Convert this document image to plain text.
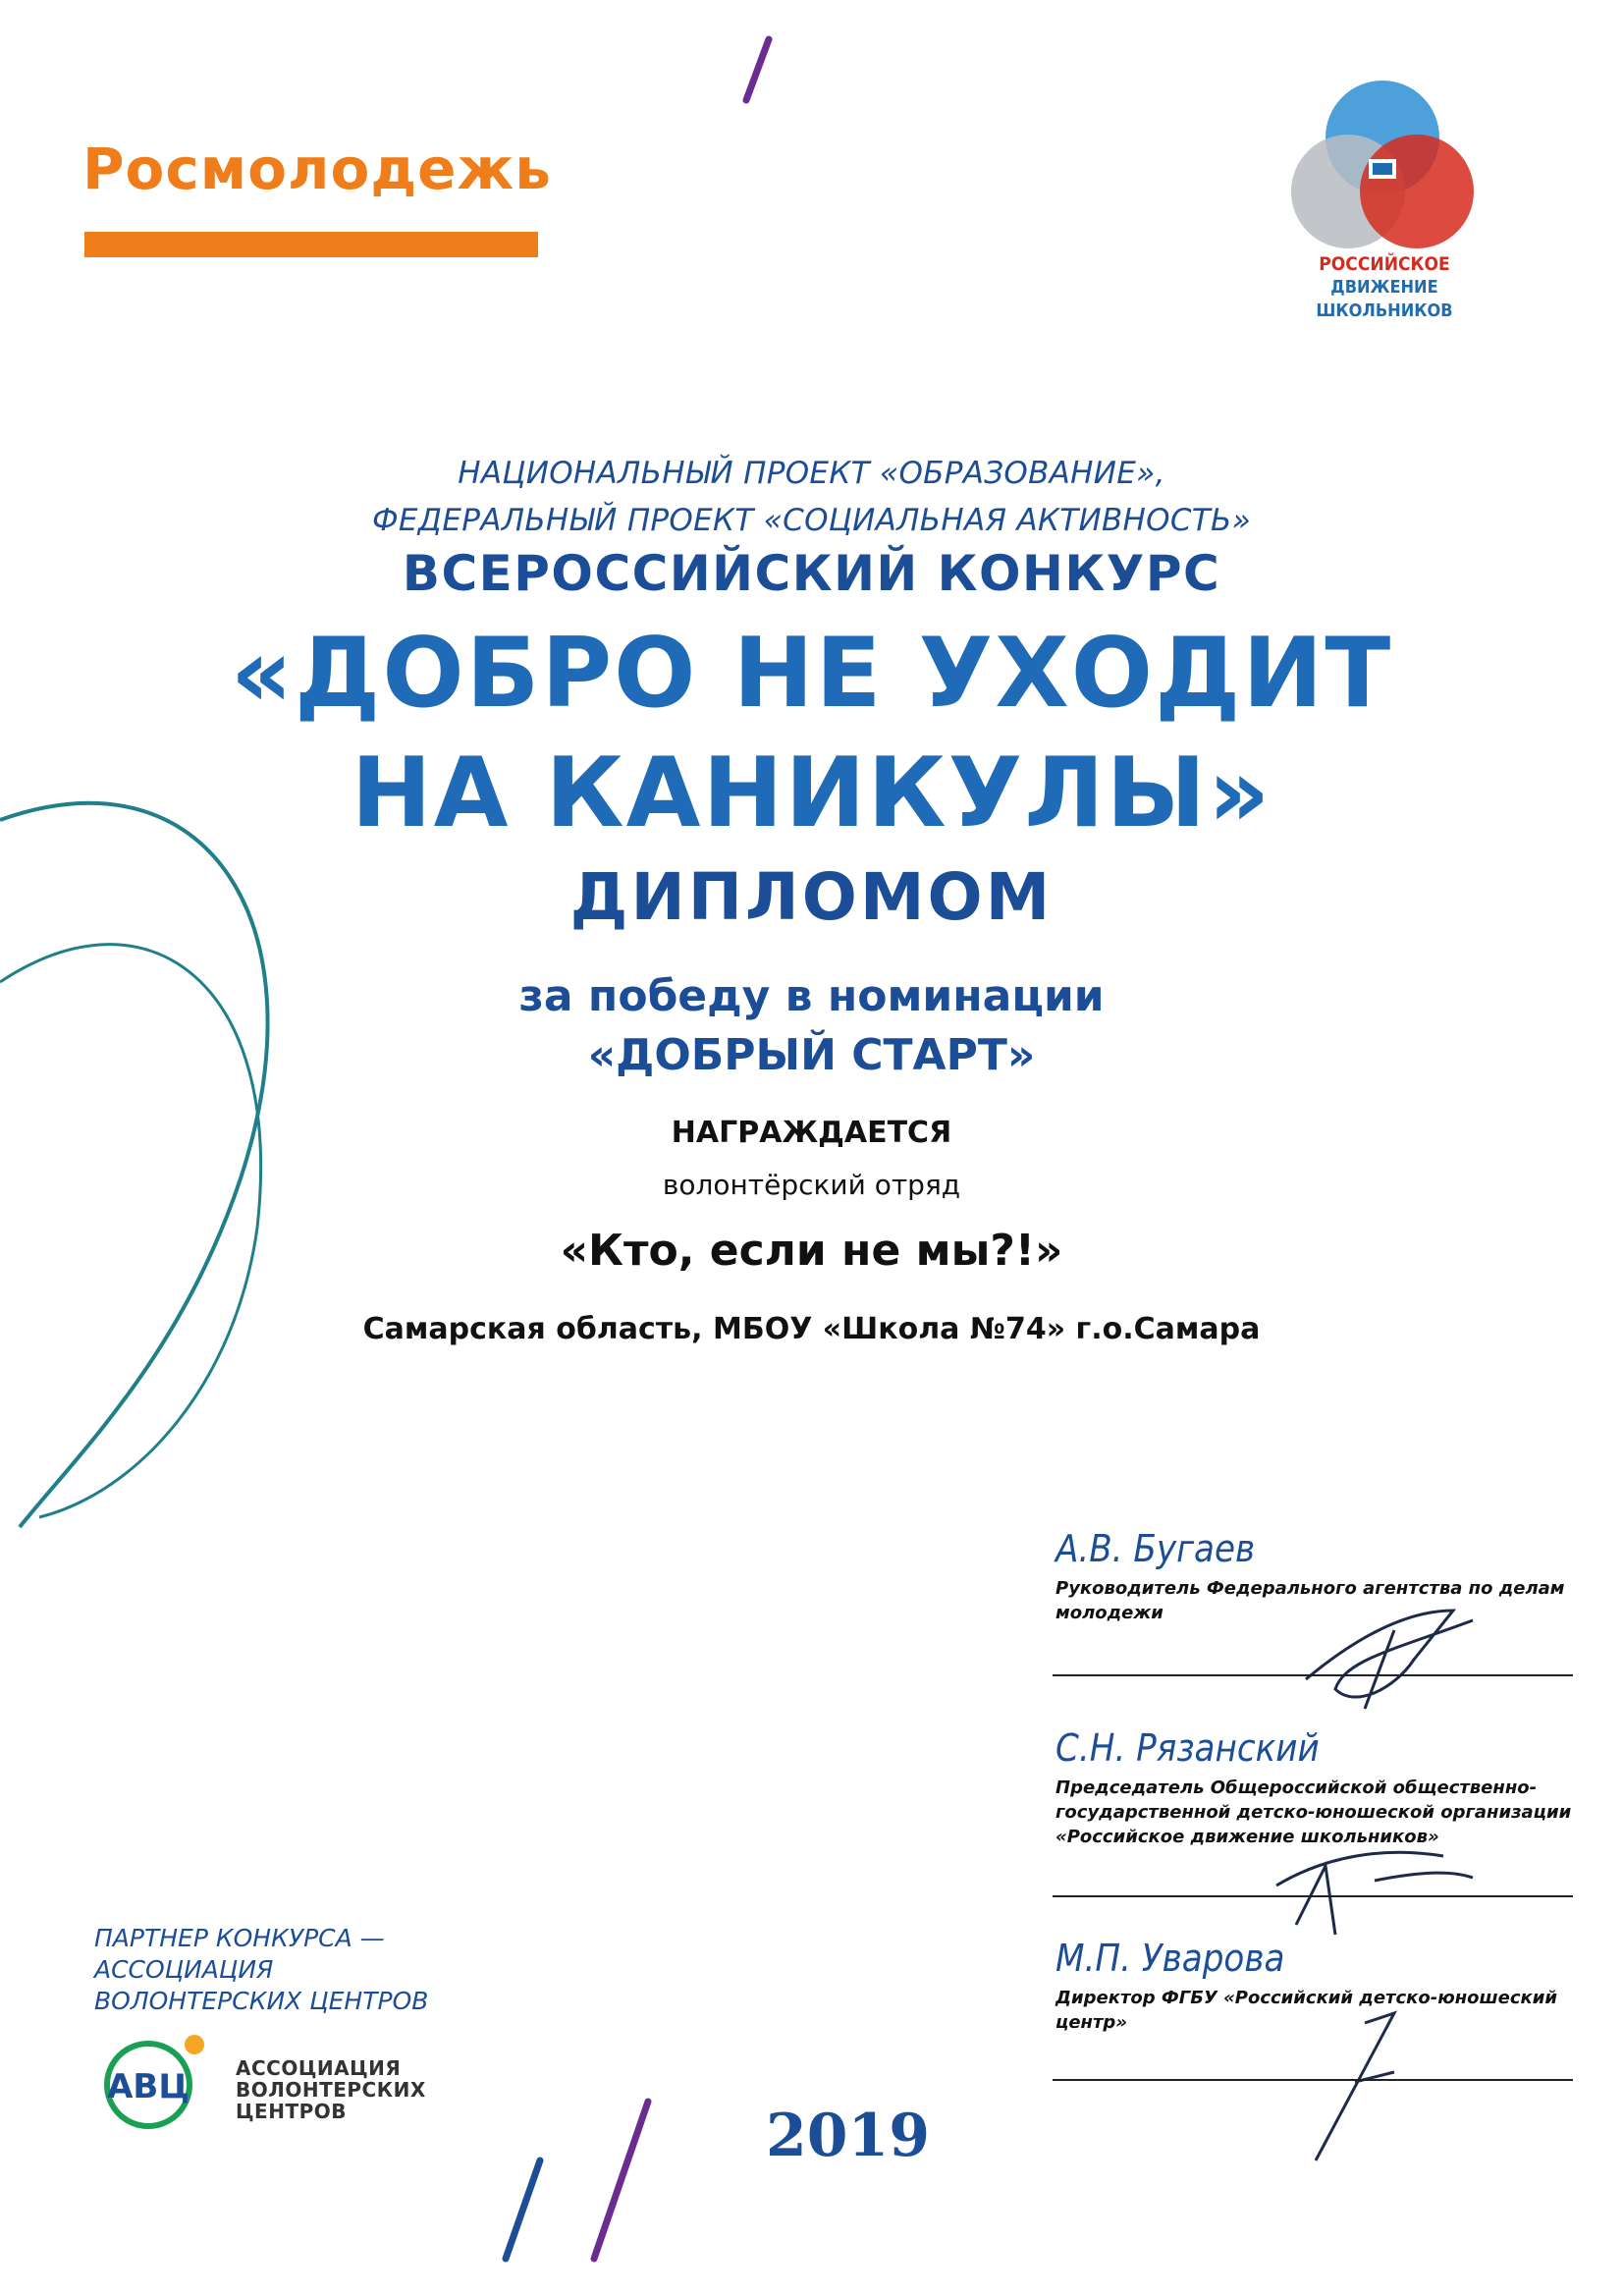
Росмолодежь
РОССИЙСКОЕ
ДВИЖЕНИЕ ШКОЛЬНИКОВ
НАЦИОНАЛЬНЫЙ ПРОЕКТ «ОБРАЗОВАНИЕ»,
ФЕДЕРАЛЬНЫЙ ПРОЕКТ «СОЦИАЛЬНАЯ АКТИВНОСТЬ»
ВСЕРОССИЙСКИЙ КОНКУРС
«ДОБРО НЕ УХОДИТ
НА КАНИКУЛЫ»
ДИПЛОМОМ
за победу в номинации
«ДОБРЫЙ СТАРТ»
НАГРАЖДАЕТСЯ
волонтёрский отряд
«Кто, если не мы?!»
Самарская область, МБОУ «Школа №74» г.о.Самара
А.В. Бугаев
Руководитель Федерального агентства по делам
молодежи
С.Н. Рязанский
Председатель Общероссийской общественно-
государственной детско-юношеской организации
«Российское движение школьников»
М.П. Уварова
Директор ФГБУ «Российский детско-юношеский
центр»
ПАРТНЕР КОНКУРСА —
АССОЦИАЦИЯ
ВОЛОНТЕРСКИХ ЦЕНТРОВ
АВЦ АССОЦИАЦИЯ
ВОЛОНТЕРСКИХ
ЦЕНТРОВ	2019
